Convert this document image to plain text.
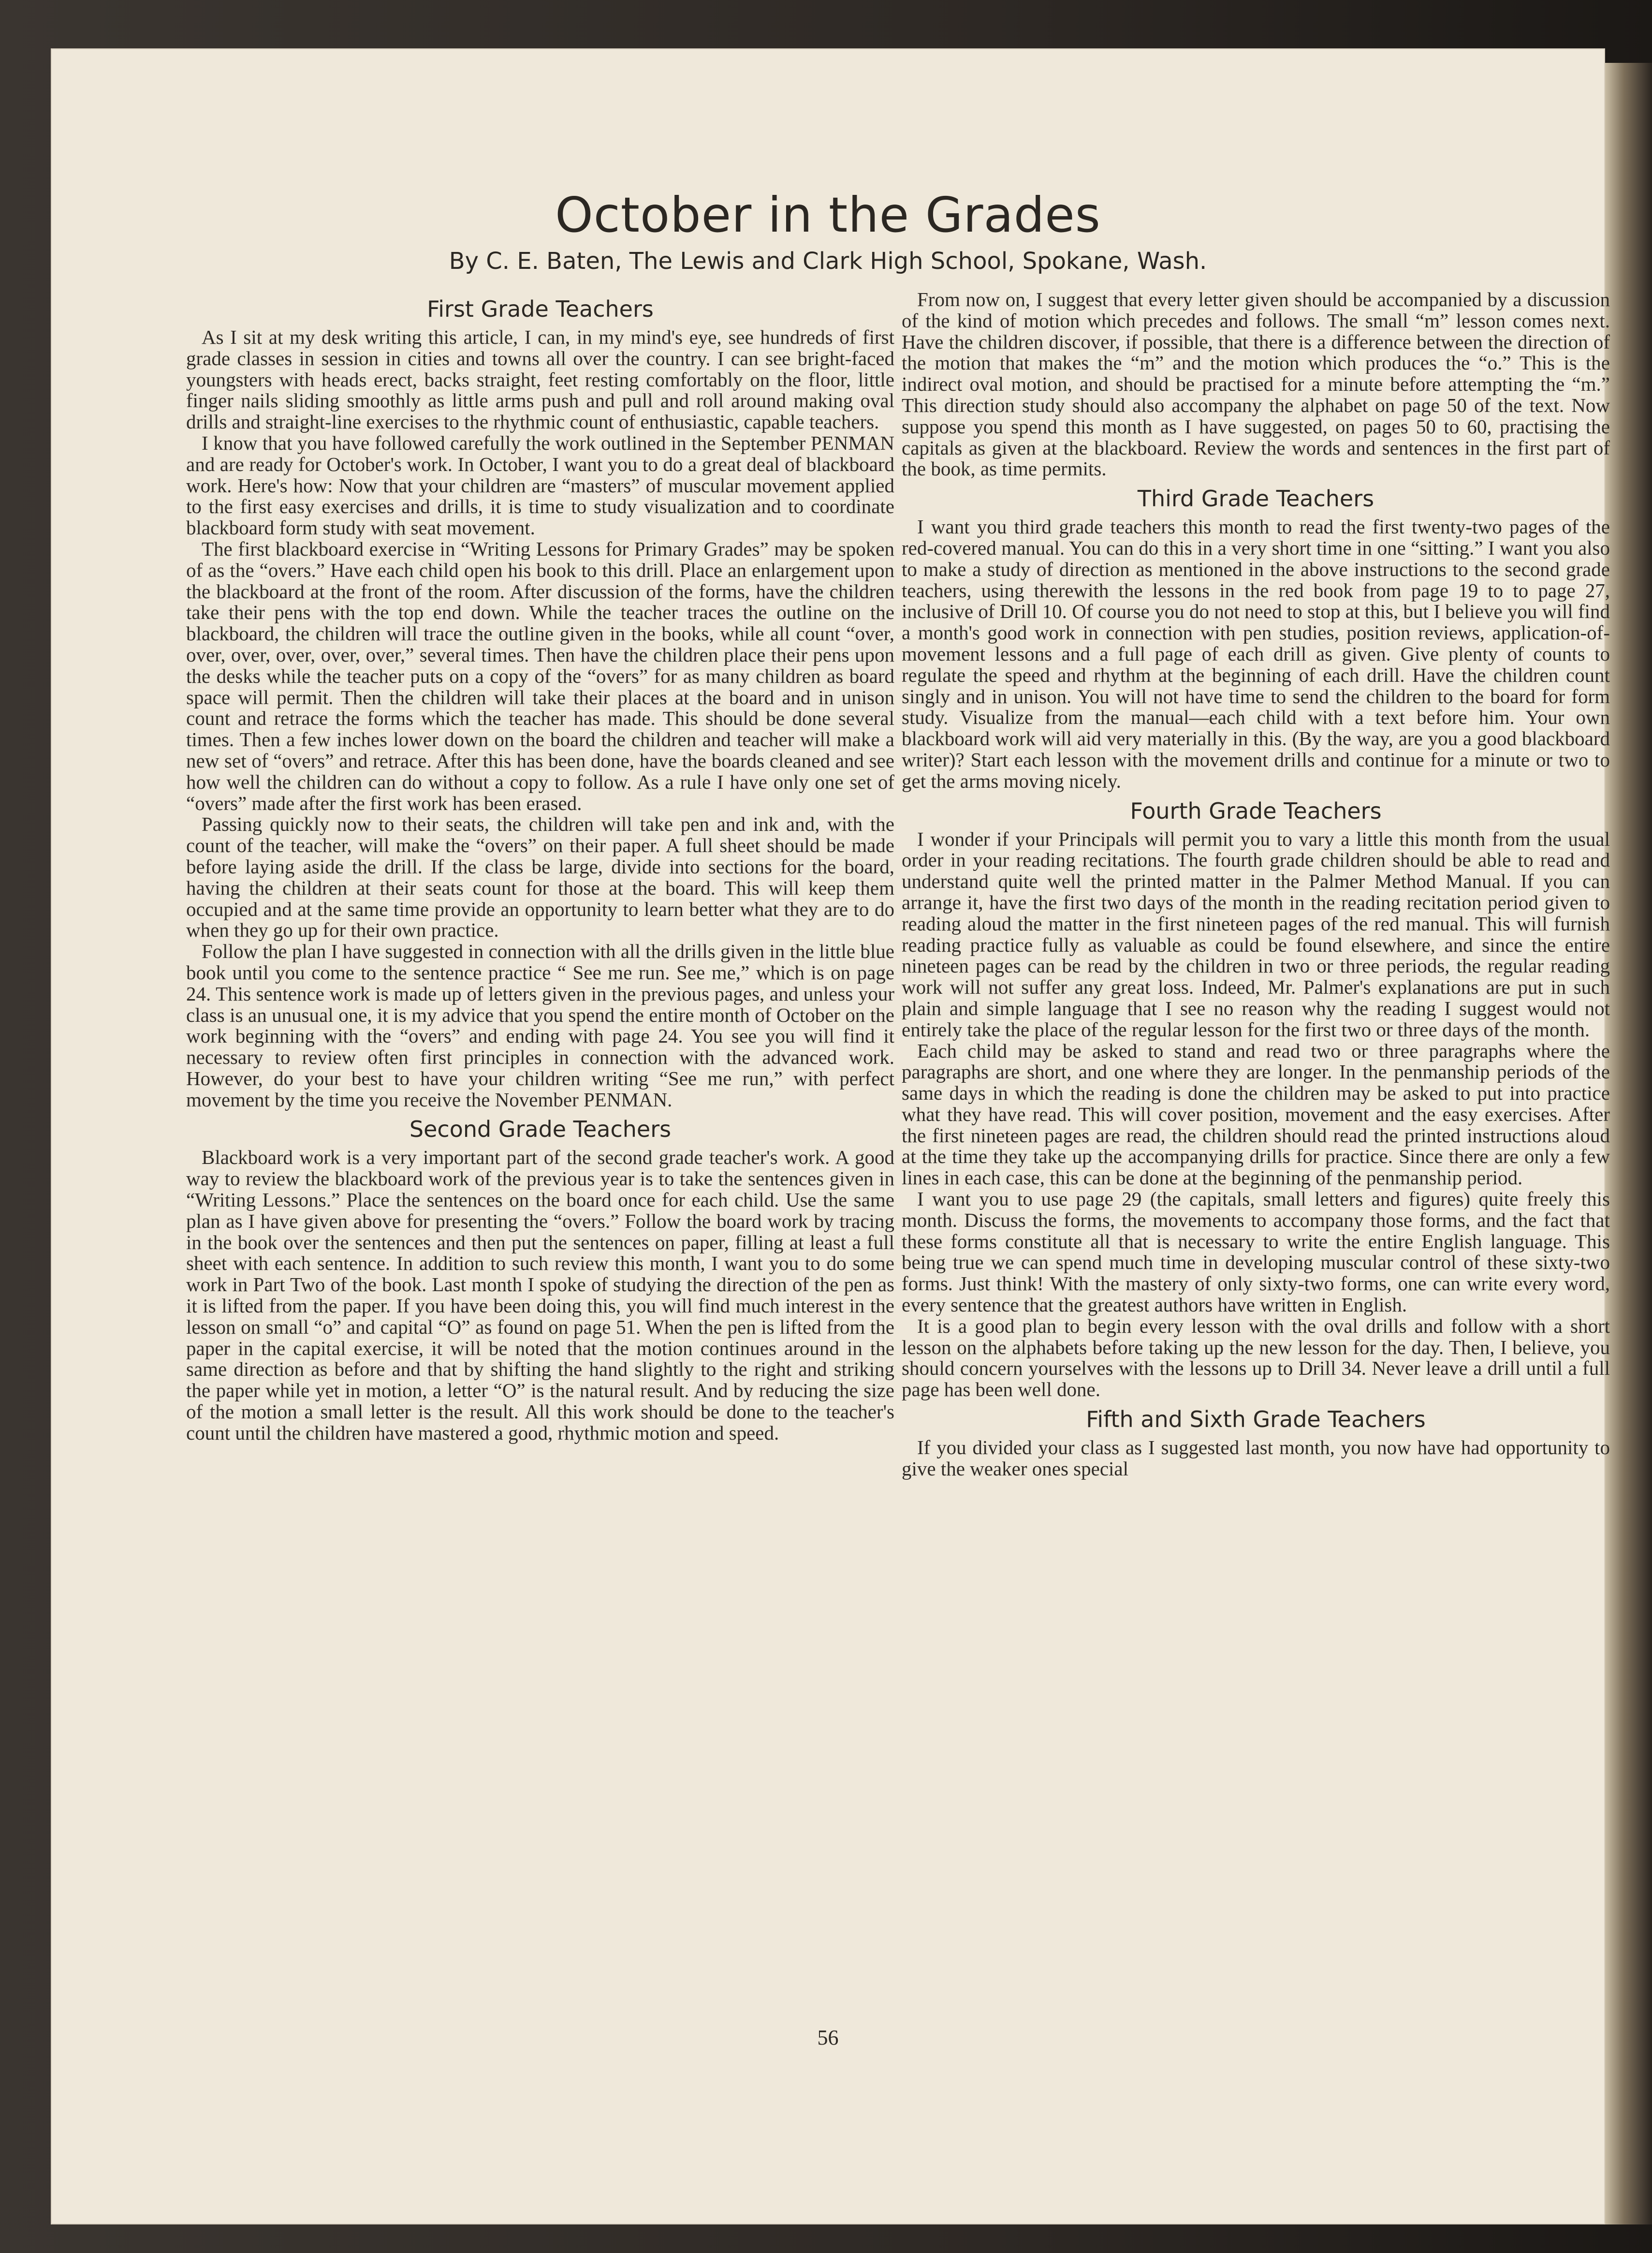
October in the Grades

By C. E. Baten, The Lewis and Clark High School, Spokane, Wash.

First Grade Teachers

As I sit at my desk writing this article, I can, in my mind's eye, see hundreds of first grade classes in session in cities and towns all over the country. I can see bright-faced youngsters with heads erect, backs straight, feet resting comfortably on the floor, little finger nails sliding smoothly as little arms push and pull and roll around making oval drills and straight-line exercises to the rhythmic count of enthusiastic, capable teachers.

I know that you have followed carefully the work outlined in the September PENMAN and are ready for October's work. In October, I want you to do a great deal of blackboard work. Here's how: Now that your children are “masters” of muscular movement applied to the first easy exercises and drills, it is time to study visualization and to coordinate blackboard form study with seat movement.

The first blackboard exercise in “Writing Lessons for Primary Grades” may be spoken of as the “overs.” Have each child open his book to this drill. Place an enlargement upon the blackboard at the front of the room. After discussion of the forms, have the children take their pens with the top end down. While the teacher traces the outline on the blackboard, the children will trace the outline given in the books, while all count “over, over, over, over, over, over,” several times. Then have the children place their pens upon the desks while the teacher puts on a copy of the “overs” for as many children as board space will permit. Then the children will take their places at the board and in unison count and retrace the forms which the teacher has made. This should be done several times. Then a few inches lower down on the board the children and teacher will make a new set of “overs” and retrace. After this has been done, have the boards cleaned and see how well the children can do without a copy to follow. As a rule I have only one set of “overs” made after the first work has been erased.

Passing quickly now to their seats, the children will take pen and ink and, with the count of the teacher, will make the “overs” on their paper. A full sheet should be made before laying aside the drill. If the class be large, divide into sections for the board, having the children at their seats count for those at the board. This will keep them occupied and at the same time provide an opportunity to learn better what they are to do when they go up for their own practice.

Follow the plan I have suggested in connection with all the drills given in the little blue book until you come to the sentence practice “ See me run. See me,” which is on page 24. This sentence work is made up of letters given in the previous pages, and unless your class is an unusual one, it is my advice that you spend the entire month of October on the work beginning with the “overs” and ending with page 24. You see you will find it necessary to review often first principles in connection with the advanced work. However, do your best to have your children writing “See me run,” with perfect movement by the time you receive the November PENMAN.

Second Grade Teachers

Blackboard work is a very important part of the second grade teacher's work. A good way to review the blackboard work of the previous year is to take the sentences given in “Writing Lessons.” Place the sentences on the board once for each child. Use the same plan as I have given above for presenting the “overs.” Follow the board work by tracing in the book over the sentences and then put the sentences on paper, filling at least a full sheet with each sentence. In addition to such review this month, I want you to do some work in Part Two of the book. Last month I spoke of studying the direction of the pen as it is lifted from the paper. If you have been doing this, you will find much interest in the lesson on small “o” and capital “O” as found on page 51. When the pen is lifted from the paper in the capital exercise, it will be noted that the motion continues around in the same direction as before and that by shifting the hand slightly to the right and striking the paper while yet in motion, a letter “O” is the natural result. And by reducing the size of the motion a small letter is the result. All this work should be done to the teacher's count until the children have mastered a good, rhythmic motion and speed.

From now on, I suggest that every letter given should be accompanied by a discussion of the kind of motion which precedes and follows. The small “m” lesson comes next. Have the children discover, if possible, that there is a difference between the direction of the motion that makes the “m” and the motion which produces the “o.” This is the indirect oval motion, and should be practised for a minute before attempting the “m.” This direction study should also accompany the alphabet on page 50 of the text. Now suppose you spend this month as I have suggested, on pages 50 to 60, practising the capitals as given at the blackboard. Review the words and sentences in the first part of the book, as time permits.

Third Grade Teachers

I want you third grade teachers this month to read the first twenty-two pages of the red-covered manual. You can do this in a very short time in one “sitting.” I want you also to make a study of direction as mentioned in the above instructions to the second grade teachers, using therewith the lessons in the red book from page 19 to to page 27, inclusive of Drill 10. Of course you do not need to stop at this, but I believe you will find a month's good work in connection with pen studies, position reviews, application-of-movement lessons and a full page of each drill as given. Give plenty of counts to regulate the speed and rhythm at the beginning of each drill. Have the children count singly and in unison. You will not have time to send the children to the board for form study. Visualize from the manual—each child with a text before him. Your own blackboard work will aid very materially in this. (By the way, are you a good blackboard writer)? Start each lesson with the movement drills and continue for a minute or two to get the arms moving nicely.

Fourth Grade Teachers

I wonder if your Principals will permit you to vary a little this month from the usual order in your reading recitations. The fourth grade children should be able to read and understand quite well the printed matter in the Palmer Method Manual. If you can arrange it, have the first two days of the month in the reading recitation period given to reading aloud the matter in the first nineteen pages of the red manual. This will furnish reading practice fully as valuable as could be found elsewhere, and since the entire nineteen pages can be read by the children in two or three periods, the regular reading work will not suffer any great loss. Indeed, Mr. Palmer's explanations are put in such plain and simple language that I see no reason why the reading I suggest would not entirely take the place of the regular lesson for the first two or three days of the month.

Each child may be asked to stand and read two or three paragraphs where the paragraphs are short, and one where they are longer. In the penmanship periods of the same days in which the reading is done the children may be asked to put into practice what they have read. This will cover position, movement and the easy exercises. After the first nineteen pages are read, the children should read the printed instructions aloud at the time they take up the accompanying drills for practice. Since there are only a few lines in each case, this can be done at the beginning of the penmanship period.

I want you to use page 29 (the capitals, small letters and figures) quite freely this month. Discuss the forms, the movements to accompany those forms, and the fact that these forms constitute all that is necessary to write the entire English language. This being true we can spend much time in developing muscular control of these sixty-two forms. Just think! With the mastery of only sixty-two forms, one can write every word, every sentence that the greatest authors have written in English.

It is a good plan to begin every lesson with the oval drills and follow with a short lesson on the alphabets before taking up the new lesson for the day. Then, I believe, you should concern yourselves with the lessons up to Drill 34. Never leave a drill until a full page has been well done.

Fifth and Sixth Grade Teachers

If you divided your class as I suggested last month, you now have had opportunity to give the weaker ones special

56
